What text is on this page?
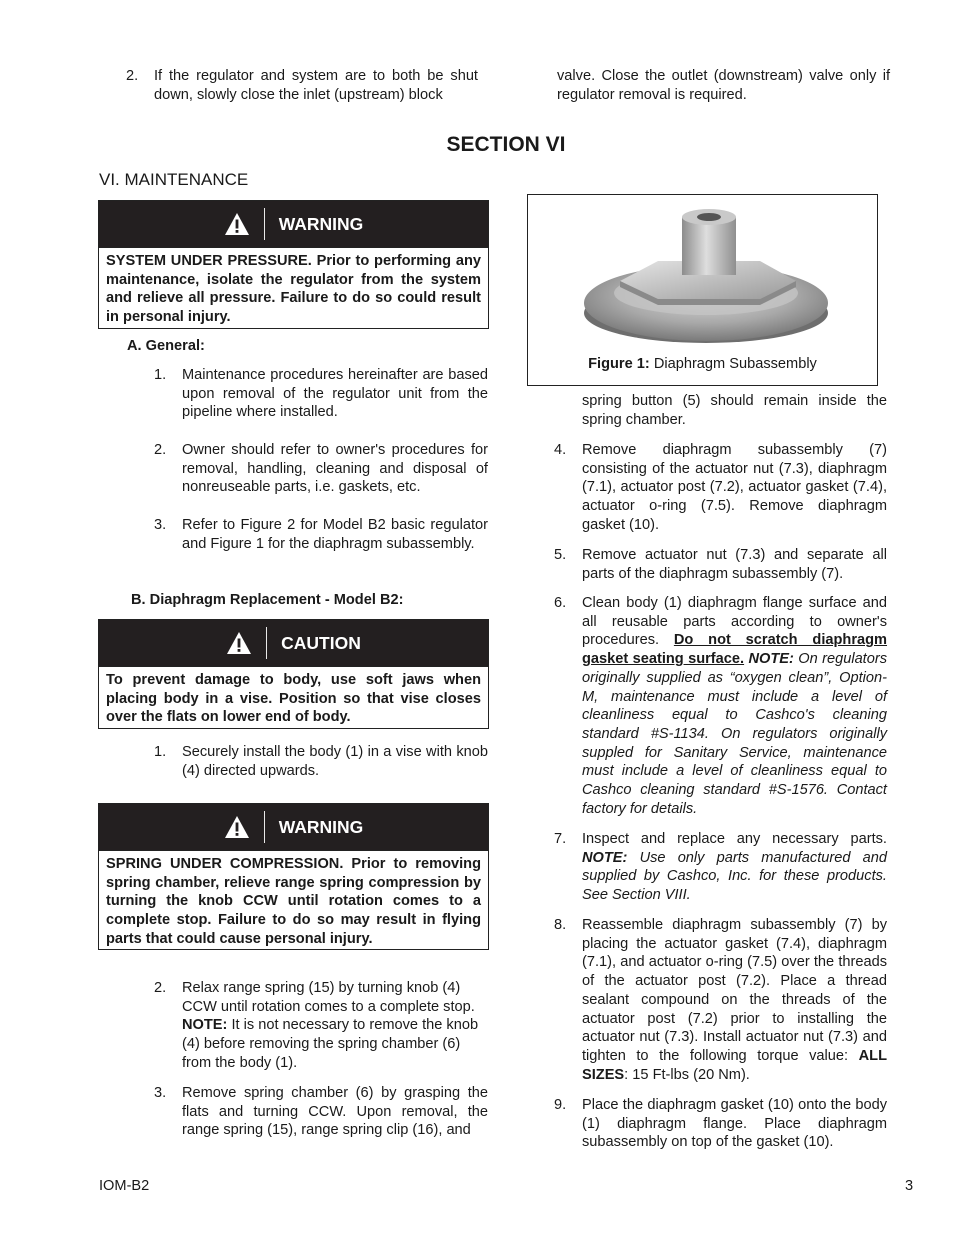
2. If the regulator and system are to both be shut down, slowly close the inlet (upstream) block
valve. Close the outlet (downstream) valve only if regulator removal is required.
SECTION VI
VI. MAINTENANCE
WARNING
SYSTEM UNDER PRESSURE. Prior to performing any maintenance, isolate the regulator from the system and relieve all pressure. Failure to do so could result in personal injury.
A. General:
1. Maintenance procedures hereinafter are based upon removal of the regulator unit from the pipeline where installed.
2. Owner should refer to owner's procedures for removal, handling, cleaning and disposal of nonreuseable parts, i.e. gaskets, etc.
3. Refer to Figure 2 for Model B2 basic regulator and Figure 1 for the diaphragm subassembly.
B. Diaphragm Replacement - Model B2:
CAUTION
To prevent damage to body, use soft jaws when placing body in a vise. Position so that vise closes over the flats on lower end of body.
1. Securely install the body (1) in a vise with knob (4) directed upwards.
WARNING
SPRING UNDER COMPRESSION. Prior to removing spring chamber, relieve range spring compression by turning the knob CCW until rotation comes to a complete stop. Failure to do so may result in flying parts that could cause personal injury.
2. Relax range spring (15) by turning knob (4) CCW until rotation comes to a complete stop. NOTE: It is not necessary to remove the knob (4) before removing the spring chamber (6) from the body (1).
3. Remove spring chamber (6) by grasping the flats and turning CCW. Upon removal, the range spring (15), range spring clip (16), and
Figure 1: Diaphragm Subassembly
spring button (5) should remain inside the spring chamber.
4. Remove diaphragm subassembly (7) consisting of the actuator nut (7.3), diaphragm (7.1), actuator post (7.2), actuator gasket (7.4), actuator o-ring (7.5). Remove diaphragm gasket (10).
5. Remove actuator nut (7.3) and separate all parts of the diaphragm subassembly (7).
6. Clean body (1) diaphragm flange surface and all reusable parts according to owner's procedures. Do not scratch diaphragm gasket seating surface. NOTE: On regulators originally supplied as “oxygen clean”, Option-M, maintenance must include a level of cleanliness equal to Cashco's cleaning standard #S-1134. On regulators originally suppled for Sanitary Service, maintenance must include a level of cleanliness equal to Cashco cleaning standard #S-1576. Contact factory for details.
7. Inspect and replace any necessary parts. NOTE: Use only parts manufactured and supplied by Cashco, Inc. for these products. See Section VIII.
8. Reassemble diaphragm subassembly (7) by placing the actuator gasket (7.4), diaphragm (7.1), and actuator o-ring (7.5) over the threads of the actuator post (7.2). Place a thread sealant compound on the threads of the actuator post (7.2) prior to installing the actuator nut (7.3). Install actuator nut (7.3) and tighten to the following torque value: ALL SIZES: 15 Ft-lbs (20 Nm).
9. Place the diaphragm gasket (10) onto the body (1) diaphragm flange. Place diaphragm subassembly on top of the gasket (10).
IOM-B2	3
